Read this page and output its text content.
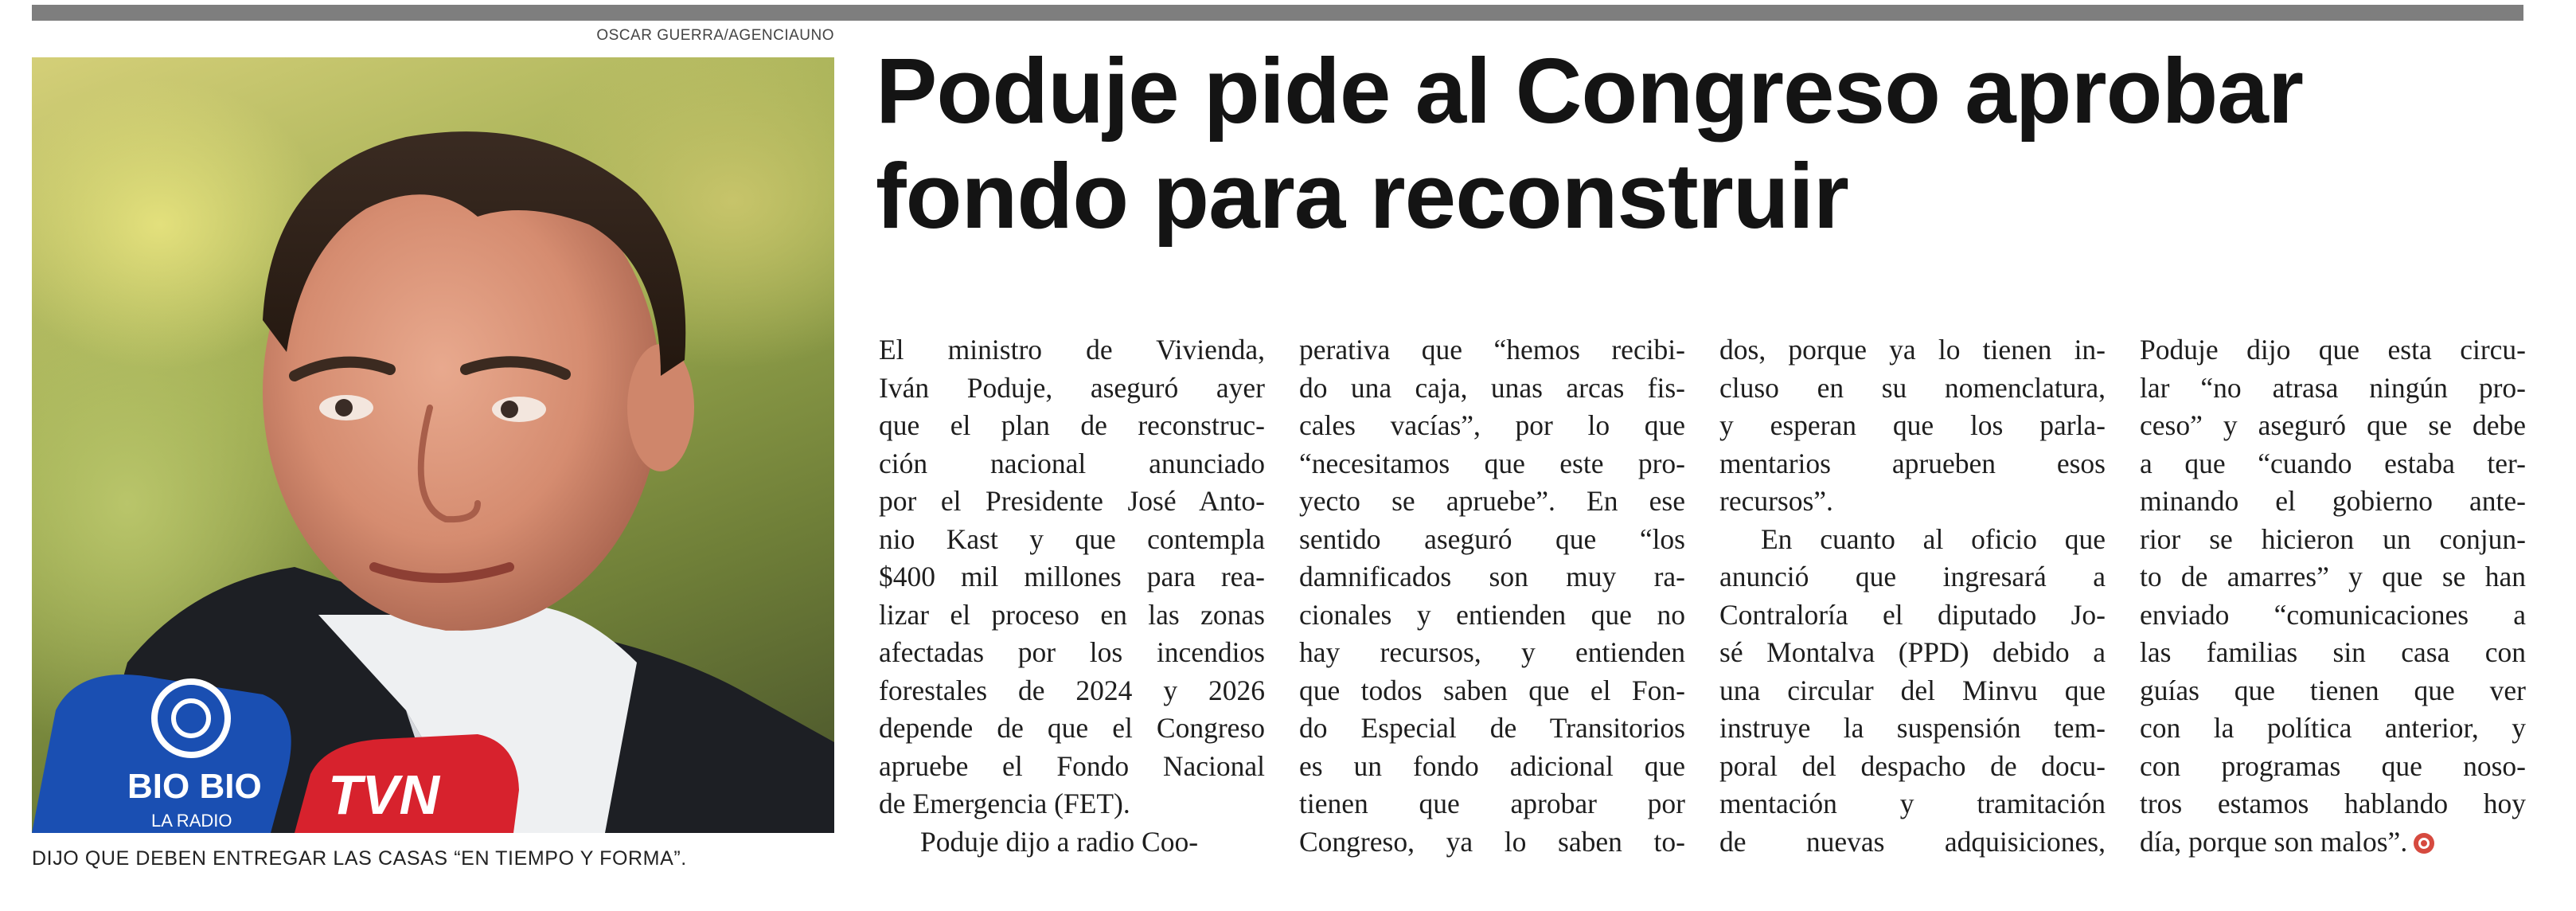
OSCAR GUERRA/AGENCIAUNO
BIO BIO
LA RADIO TVN
DIJO QUE DEBEN ENTREGAR LAS CASAS “EN TIEMPO Y FORMA”.
Poduje pide al Congreso aprobar
fondo para reconstruir
El ministro de Vivienda,
Iván Poduje, aseguró ayer
que el plan de reconstruc-
ción nacional anunciado
por el Presidente José Anto-
nio Kast y que contempla
$400 mil millones para rea-
lizar el proceso en las zonas
afectadas por los incendios
forestales de 2024 y 2026
depende de que el Congreso
apruebe el Fondo Nacional
de Emergencia (FET).
Poduje dijo a radio Coo-
perativa que “hemos recibi-
do una caja, unas arcas fis-
cales vacías”, por lo que
“necesitamos que este pro-
yecto se apruebe”. En ese
sentido aseguró que “los
damnificados son muy ra-
cionales y entienden que no
hay recursos, y entienden
que todos saben que el Fon-
do Especial de Transitorios
es un fondo adicional que
tienen que aprobar por
Congreso, ya lo saben to-
dos, porque ya lo tienen in-
cluso en su nomenclatura,
y esperan que los parla-
mentarios aprueben esos
recursos”.
En cuanto al oficio que
anunció que ingresará a
Contraloría el diputado Jo-
sé Montalva (PPD) debido a
una circular del Minvu que
instruye la suspensión tem-
poral del despacho de docu-
mentación y tramitación
de nuevas adquisiciones,
Poduje dijo que esta circu-
lar “no atrasa ningún pro-
ceso” y aseguró que se debe
a que “cuando estaba ter-
minando el gobierno ante-
rior se hicieron un conjun-
to de amarres” y que se han
enviado “comunicaciones a
las familias sin casa con
guías que tienen que ver
con la política anterior, y
con programas que noso-
tros estamos hablando hoy
día, porque son malos”.
